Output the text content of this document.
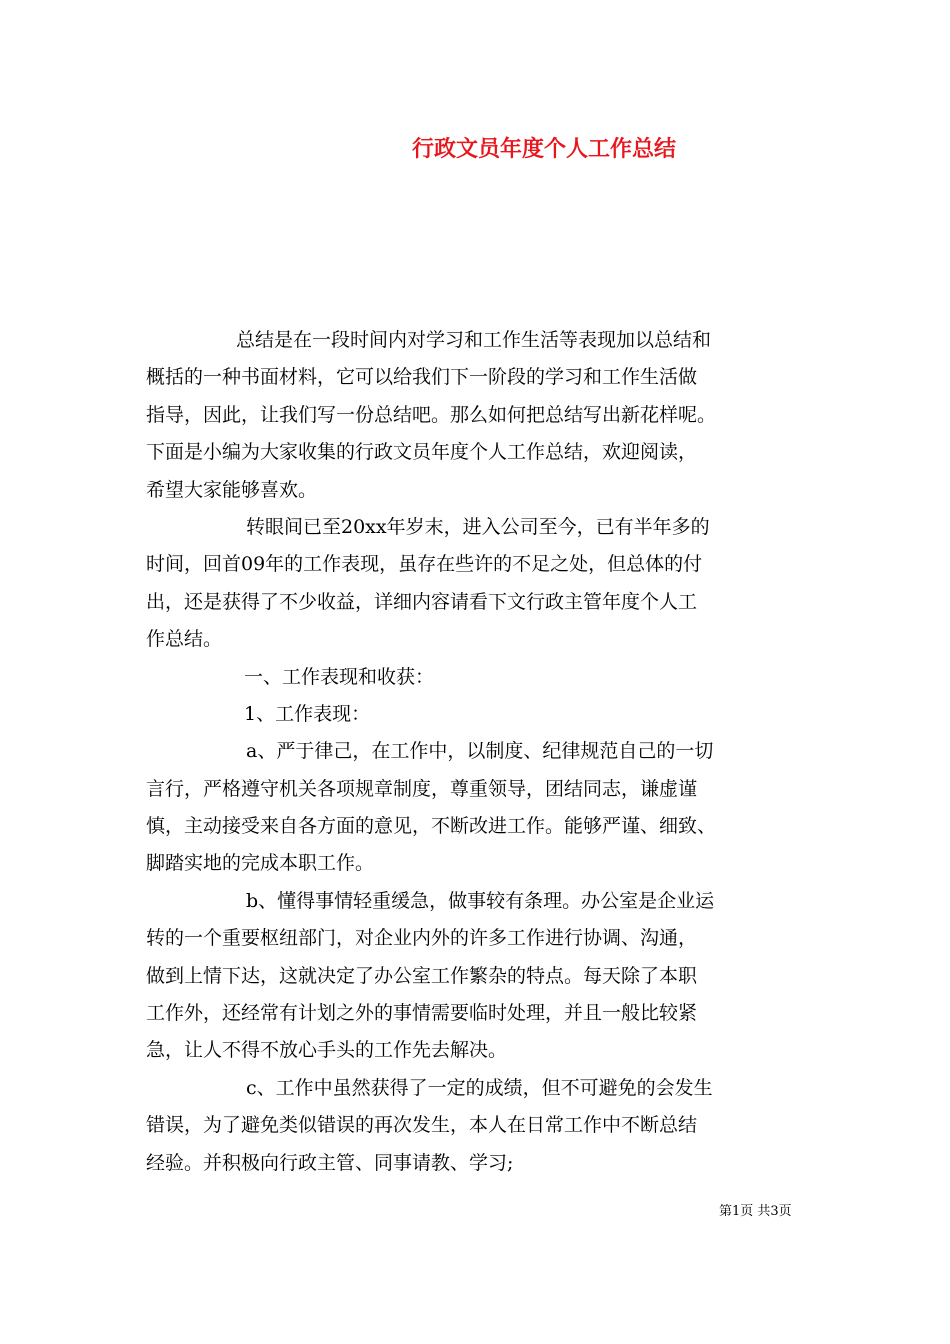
行政文员年度个人工作总结
总结是在一段时间内对学习和工作生活等表现加以总结和
概括的一种书面材料，它可以给我们下一阶段的学习和工作生活做
指导，因此，让我们写一份总结吧。那么如何把总结写出新花样呢。
下面是小编为大家收集的行政文员年度个人工作总结，欢迎阅读，
希望大家能够喜欢。
转眼间已至20xx年岁末，进入公司至今，已有半年多的
时间，回首09年的工作表现，虽存在些许的不足之处，但总体的付
出，还是获得了不少收益，详细内容请看下文行政主管年度个人工
作总结。
一、工作表现和收获：
1、工作表现：
a、严于律己，在工作中，以制度、纪律规范自己的一切
言行，严格遵守机关各项规章制度，尊重领导，团结同志，谦虚谨
慎，主动接受来自各方面的意见，不断改进工作。能够严谨、细致、
脚踏实地的完成本职工作。
b、懂得事情轻重缓急，做事较有条理。办公室是企业运
转的一个重要枢纽部门，对企业内外的许多工作进行协调、沟通，
做到上情下达，这就决定了办公室工作繁杂的特点。每天除了本职
工作外，还经常有计划之外的事情需要临时处理，并且一般比较紧
急，让人不得不放心手头的工作先去解决。
c、工作中虽然获得了一定的成绩，但不可避免的会发生
错误，为了避免类似错误的再次发生，本人在日常工作中不断总结
经验。并积极向行政主管、同事请教、学习;
第1页 共3页
